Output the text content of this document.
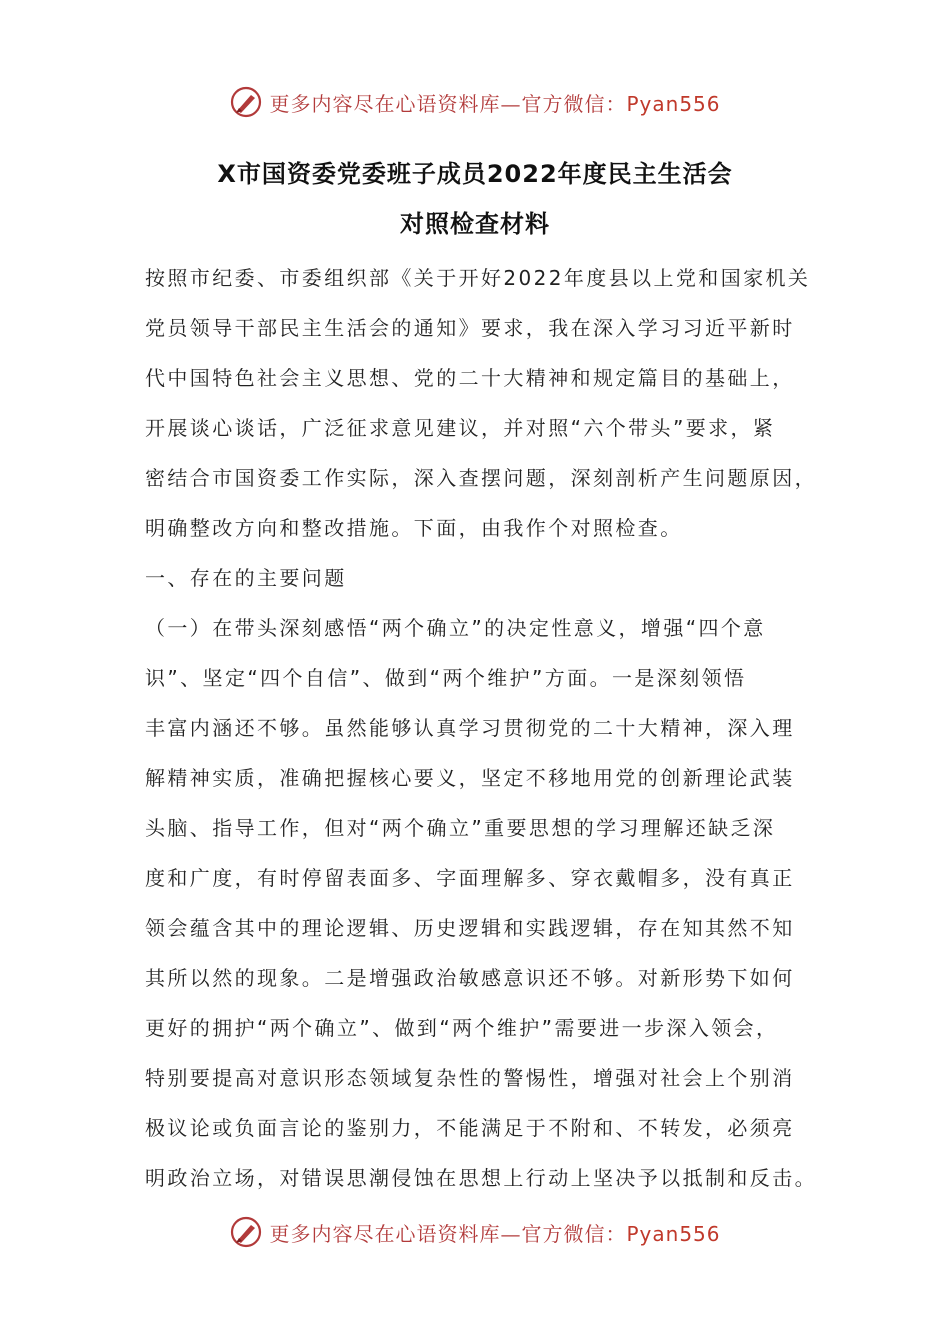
更多内容尽在心语资料库—官方微信：Pyan556
X市国资委党委班子成员2022年度民主生活会
对照检查材料
按照市纪委、市委组织部《关于开好2022年度县以上党和国家机关
党员领导干部民主生活会的通知》要求，我在深入学习习近平新时
代中国特色社会主义思想、党的二十大精神和规定篇目的基础上，
开展谈心谈话，广泛征求意见建议，并对照“六个带头”要求，紧
密结合市国资委工作实际，深入查摆问题，深刻剖析产生问题原因，
明确整改方向和整改措施。下面，由我作个对照检查。
一、存在的主要问题
（一）在带头深刻感悟“两个确立”的决定性意义，增强“四个意
识”、坚定“四个自信”、做到“两个维护”方面。一是深刻领悟
丰富内涵还不够。虽然能够认真学习贯彻党的二十大精神，深入理
解精神实质，准确把握核心要义，坚定不移地用党的创新理论武装
头脑、指导工作，但对“两个确立”重要思想的学习理解还缺乏深
度和广度，有时停留表面多、字面理解多、穿衣戴帽多，没有真正
领会蕴含其中的理论逻辑、历史逻辑和实践逻辑，存在知其然不知
其所以然的现象。二是增强政治敏感意识还不够。对新形势下如何
更好的拥护“两个确立”、做到“两个维护”需要进一步深入领会，
特别要提高对意识形态领域复杂性的警惕性，增强对社会上个别消
极议论或负面言论的鉴别力，不能满足于不附和、不转发，必须亮
明政治立场，对错误思潮侵蚀在思想上行动上坚决予以抵制和反击。
更多内容尽在心语资料库—官方微信：Pyan556
